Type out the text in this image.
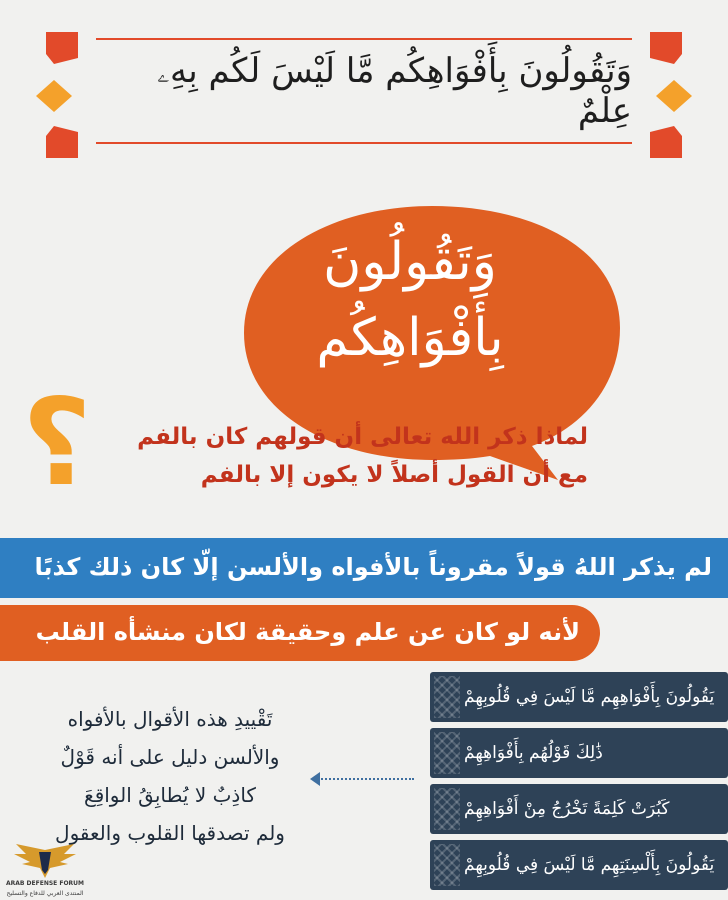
وَتَقُولُونَ بِأَفْوَاهِكُم مَّا لَيْسَ لَكُم بِهِۦ عِلْمٌ
وَتَقُولُونَ
بِأَفْوَاهِكُم
؟	لماذا ذكر الله تعالى أن قولهم كان بالفم
مع أن القول أصلاً لا يكون إلا بالفم
لم يذكر اللهُ قولاً مقروناً بالأفواه والألسن إلّا كان ذلك كذبًا
لأنه لو كان عن علم وحقيقة لكان منشأه القلب
تَقْييدِ هذه الأقوال بالأفواه
والألسن دليل على أنه قَوْلٌ
كاذِبٌ لا يُطابِقُ الواقِعَ
ولم تصدقها القلوب والعقول
يَقُولُونَ بِأَفْوَاهِهِم مَّا لَيْسَ فِي قُلُوبِهِمْ
ذَٰلِكَ قَوْلُهُم بِأَفْوَاهِهِمْ
كَبُرَتْ كَلِمَةً تَخْرُجُ مِنْ أَفْوَاهِهِمْ
يَقُولُونَ بِأَلْسِنَتِهِم مَّا لَيْسَ فِي قُلُوبِهِمْ
ARAB DEFENSE FORUM
المنتدى العربي للدفاع والتسليح
